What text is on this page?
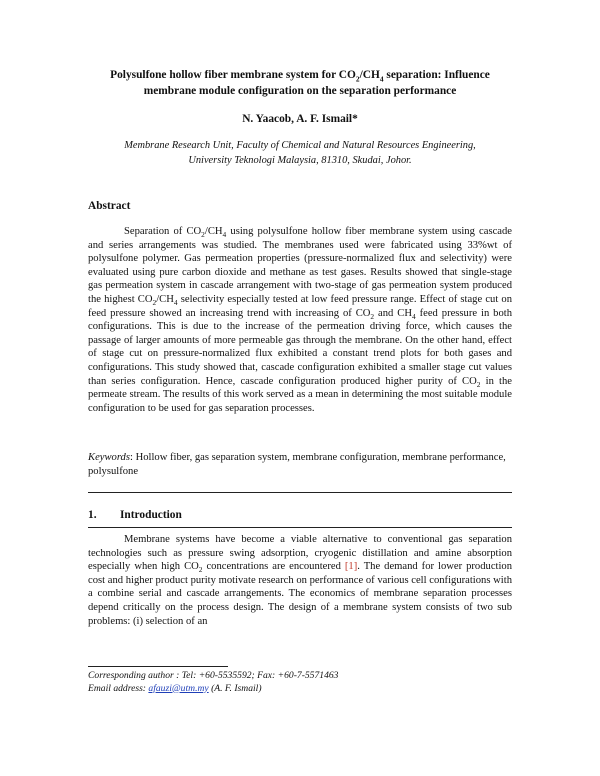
Polysulfone hollow fiber membrane system for $CO_2/CH_4$ separation: Influence
membrane module configuration on the separation performance
N. Yaacob, A. F. Ismail*
Membrane Research Unit, Faculty of Chemical and Natural Resources Engineering,
University Teknologi Malaysia, 81310, Skudai, Johor.
Abstract

Separation of $CO_2/CH_4$ using polysulfone hollow fiber membrane system using cascade and series arrangements was studied. The membranes used were fabricated using 33%wt of polysulfone polymer. Gas permeation properties (pressure-normalized flux and selectivity) were evaluated using pure carbon dioxide and methane as test gases. Results showed that single-stage gas permeation system in cascade arrangement with two-stage of gas permeation system produced the highest $CO_2/CH_4$ selectivity especially tested at low feed pressure range. Effect of stage cut on feed pressure showed an increasing trend with increasing of $CO_2$ and $CH_4$ feed pressure in both configurations. This is due to the increase of the permeation driving force, which causes the passage of larger amounts of more permeable gas through the membrane. On the other hand, effect of stage cut on pressure-normalized flux exhibited a constant trend plots for both gases and configurations. This study showed that, cascade configuration exhibited a smaller stage cut values than series configuration. Hence, cascade configuration produced higher purity of $CO_2$ in the permeate stream. The results of this work served as a mean in determining the most suitable module configuration to be used for gas separation processes.

Keywords: Hollow fiber, gas separation system, membrane configuration, membrane performance, polysulfone

1. Introduction

Membrane systems have become a viable alternative to conventional gas separation technologies such as pressure swing adsorption, cryogenic distillation and amine absorption especially when high $CO_2$ concentrations are encountered [1]. The demand for lower production cost and higher product purity motivate research on performance of various cell configurations with a combine serial and cascade arrangements. The economics of membrane separation processes depend critically on the process design. The design of a membrane system consists of two sub problems: (i) selection of an

Corresponding author : Tel: +60-5535592; Fax: +60-7-5571463
Email address: afauzi@utm.my (A. F. Ismail)
